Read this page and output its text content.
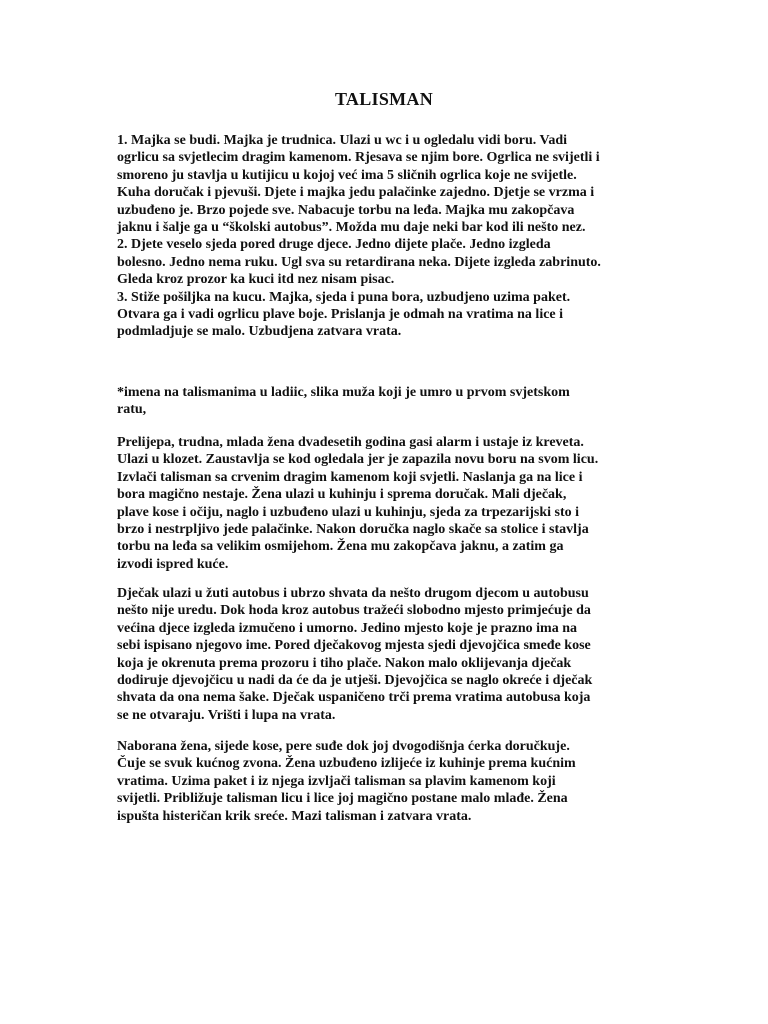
TALISMAN
1. Majka se budi. Majka je trudnica. Ulazi u wc i u ogledalu vidi boru. Vadi
ogrlicu sa svjetlecim dragim kamenom. Rjesava se njim bore. Ogrlica ne svijetli i
smoreno ju stavlja u kutijicu u kojoj već ima 5 sličnih ogrlica koje ne svijetle.
Kuha doručak i pjevuši. Djete i majka jedu palačinke zajedno. Djetje se vrzma i
uzbuđeno je. Brzo pojede sve. Nabacuje torbu na leđa. Majka mu zakopčava
jaknu i šalje ga u “školski autobus”. Možda mu daje neki bar kod ili nešto nez.
2. Djete veselo sjeda pored druge djece. Jedno dijete plače. Jedno izgleda
bolesno. Jedno nema ruku. Ugl sva su retardirana neka. Dijete izgleda zabrinuto.
Gleda kroz prozor ka kuci itd nez nisam pisac.
3. Stiže pošiljka na kucu. Majka, sjeda i puna bora, uzbudjeno uzima paket.
Otvara ga i vadi ogrlicu plave boje. Prislanja je odmah na vratima na lice i
podmladjuje se malo. Uzbudjena zatvara vrata.
*imena na talismanima u ladiic, slika muža koji je umro u prvom svjetskom
ratu,
Prelijepa, trudna, mlada žena dvadesetih godina gasi alarm i ustaje iz kreveta.
Ulazi u klozet. Zaustavlja se kod ogledala jer je zapazila novu boru na svom licu.
Izvlači talisman sa crvenim dragim kamenom koji svjetli. Naslanja ga na lice i
bora magično nestaje. Žena ulazi u kuhinju i sprema doručak. Mali dječak,
plave kose i očiju, naglo i uzbuđeno ulazi u kuhinju, sjeda za trpezarijski sto i
brzo i nestrpljivo jede palačinke. Nakon doručka naglo skače sa stolice i stavlja
torbu na leđa sa velikim osmijehom. Žena mu zakopčava jaknu, a zatim ga
izvodi ispred kuće.
Dječak ulazi u žuti autobus i ubrzo shvata da nešto drugom djecom u autobusu
nešto nije uredu. Dok hoda kroz autobus tražeći slobodno mjesto primjećuje da
većina djece izgleda izmučeno i umorno. Jedino mjesto koje je prazno ima na
sebi ispisano njegovo ime. Pored dječakovog mjesta sjedi djevojčica smeđe kose
koja je okrenuta prema prozoru i tiho plače. Nakon malo oklijevanja dječak
dodiruje djevojčicu u nadi da će da je utješi. Djevojčica se naglo okreće i dječak
shvata da ona nema šake. Dječak uspaničeno trči prema vratima autobusa koja
se ne otvaraju. Vrišti i lupa na vrata.
Naborana žena, sijede kose, pere suđe dok joj dvogodišnja ćerka doručkuje.
Čuje se svuk kućnog zvona. Žena uzbuđeno izlijeće iz kuhinje prema kućnim
vratima. Uzima paket i iz njega izvljači talisman sa plavim kamenom koji
svijetli. Približuje talisman licu i lice joj magično postane malo mlađe. Žena
ispušta histeričan krik sreće. Mazi talisman i zatvara vrata.
